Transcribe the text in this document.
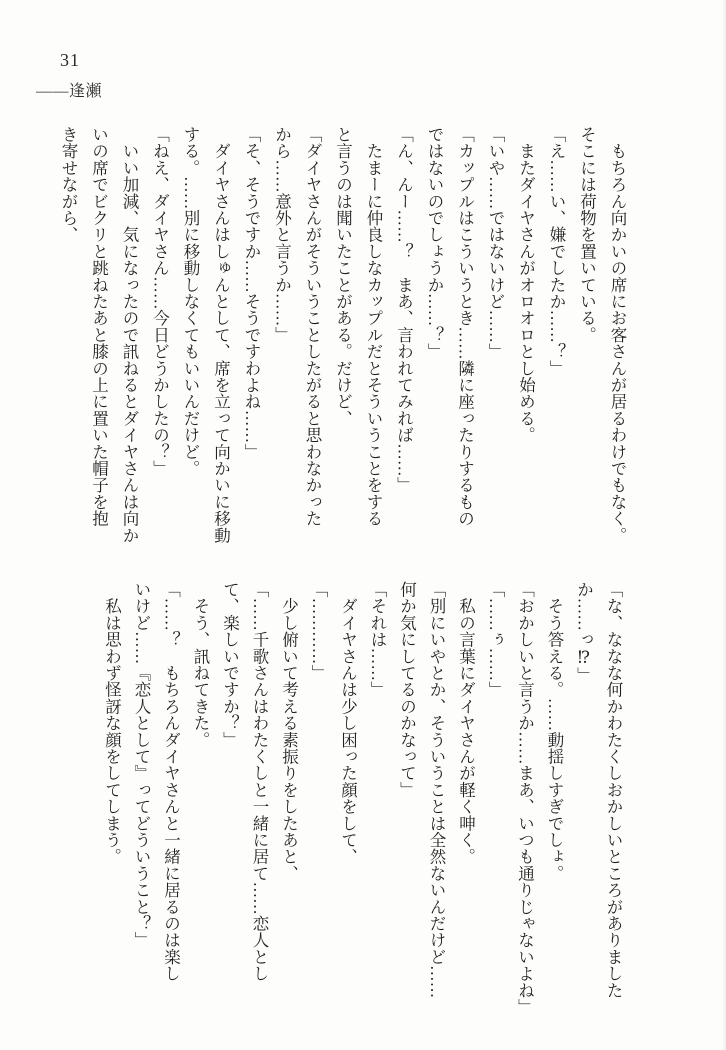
31
——逢瀬

　もちろん向かいの席にお客さんが居るわけでもなく。

そこには荷物を置いている。

「え……い、嫌でしたか……？」

　またダイヤさんがオロオロとし始める。

「いや……ではないけど……」

「カップルはこういうとき……隣に座ったりするもの

ではないのでしょうか……？」

「ん、んー……？　まあ、言われてみれば……」

　たまーに仲良しなカップルだとそういうことをする

と言うのは聞いたことがある。だけど、

「ダイヤさんがそういうことしたがると思わなかった

から……意外と言うか……」

「そ、そうですか……そうですわよね……」

　ダイヤさんはしゅんとして、席を立って向かいに移動

する。……別に移動しなくてもいいんだけど。

「ねえ、ダイヤさん……今日どうかしたの？」

　いい加減、気になったので訊ねるとダイヤさんは向か

いの席でビクリと跳ねたあと膝の上に置いた帽子を抱

き寄せながら、

「な、ななな何かわたくしおかしいところがありました

か……っ⁉」

　そう答える。……動揺しすぎでしょ。

「おかしいと言うか……まあ、いつも通りじゃないよね」

「……ぅ……」

　私の言葉にダイヤさんが軽く呻く。

「別にいやとか、そういうことは全然ないんだけど……

何か気にしてるのかなって」

「それは……」

　ダイヤさんは少し困った顔をして、

「…………」

　少し俯いて考える素振りをしたあと、

「……千歌さんはわたくしと一緒に居て……恋人とし

て、楽しいですか？」

　そう、訊ねてきた。

「……？　もちろんダイヤさんと一緒に居るのは楽し

いけど……『恋人として』ってどういうこと？」

　私は思わず怪訝な顔をしてしまう。
